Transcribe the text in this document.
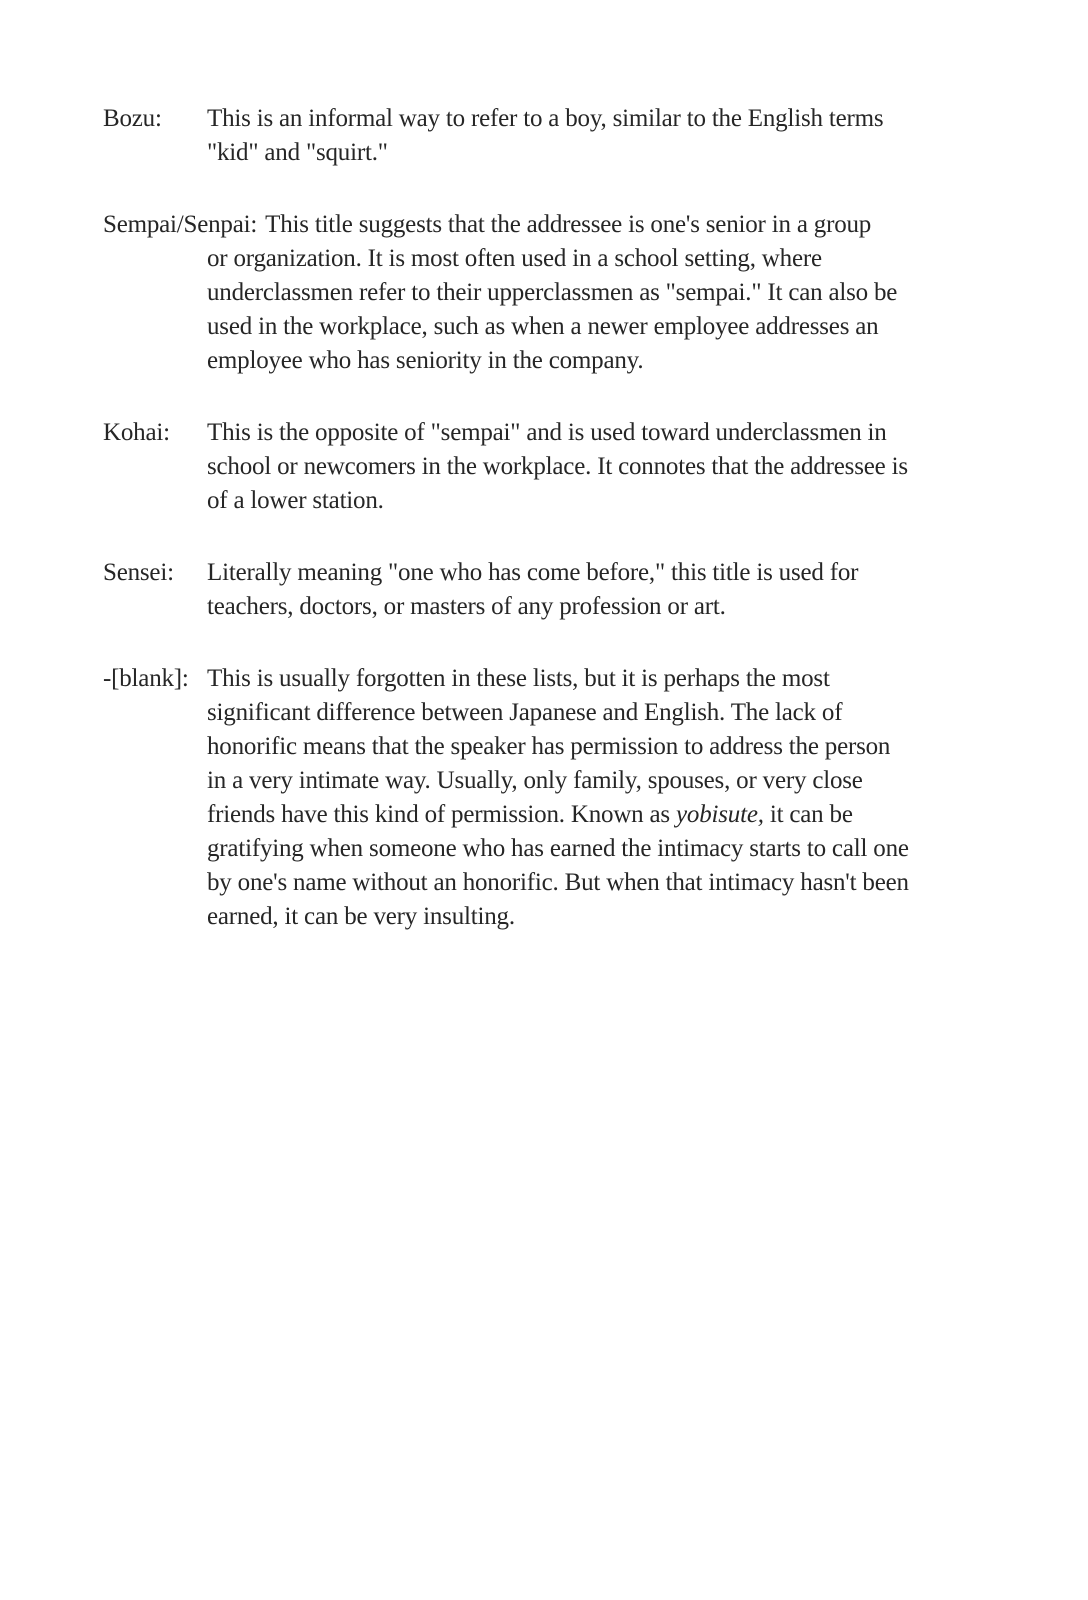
Bozu: This is an informal way to refer to a boy, similar to the English terms

"kid" and "squirt."

Sempai/Senpai: This title suggests that the addressee is one's senior in a group

or organization. It is most often used in a school setting, where

underclassmen refer to their upperclassmen as "sempai." It can also be

used in the workplace, such as when a newer employee addresses an

employee who has seniority in the company.

Kohai: This is the opposite of "sempai" and is used toward underclassmen in

school or newcomers in the workplace. It connotes that the addressee is

of a lower station.

Sensei: Literally meaning "one who has come before," this title is used for

teachers, doctors, or masters of any profession or art.

-[blank]: This is usually forgotten in these lists, but it is perhaps the most

significant difference between Japanese and English. The lack of

honorific means that the speaker has permission to address the person

in a very intimate way. Usually, only family, spouses, or very close

friends have this kind of permission. Known as yobisute, it can be

gratifying when someone who has earned the intimacy starts to call one

by one's name without an honorific. But when that intimacy hasn't been

earned, it can be very insulting.
